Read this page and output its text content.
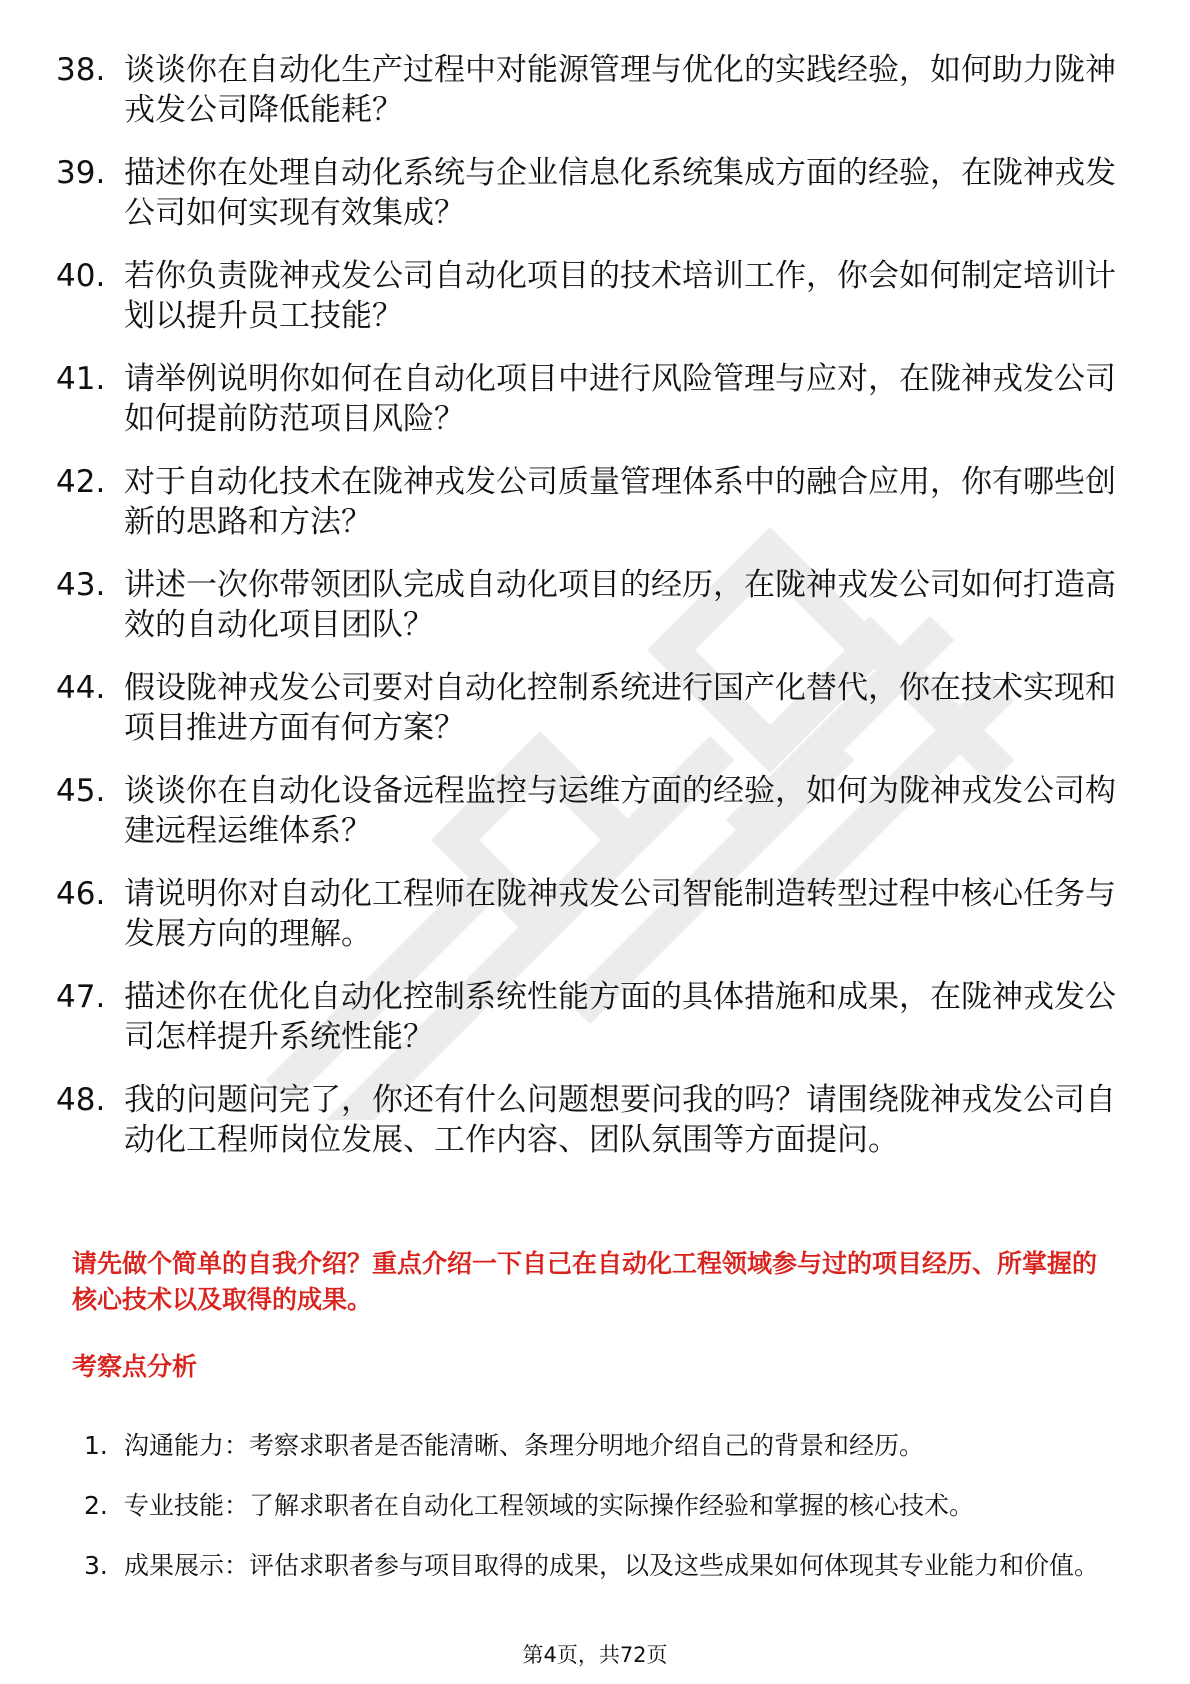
38. 谈谈你在自动化生产过程中对能源管理与优化的实践经验，如何助力陇神戎发公司降低能耗？
39. 描述你在处理自动化系统与企业信息化系统集成方面的经验，在陇神戎发公司如何实现有效集成？
40. 若你负责陇神戎发公司自动化项目的技术培训工作，你会如何制定培训计划以提升员工技能？
41. 请举例说明你如何在自动化项目中进行风险管理与应对，在陇神戎发公司如何提前防范项目风险？
42. 对于自动化技术在陇神戎发公司质量管理体系中的融合应用，你有哪些创新的思路和方法？
43. 讲述一次你带领团队完成自动化项目的经历，在陇神戎发公司如何打造高效的自动化项目团队？
44. 假设陇神戎发公司要对自动化控制系统进行国产化替代，你在技术实现和项目推进方面有何方案？
45. 谈谈你在自动化设备远程监控与运维方面的经验，如何为陇神戎发公司构建远程运维体系？
46. 请说明你对自动化工程师在陇神戎发公司智能制造转型过程中核心任务与发展方向的理解。
47. 描述你在优化自动化控制系统性能方面的具体措施和成果，在陇神戎发公司怎样提升系统性能？
48. 我的问题问完了，你还有什么问题想要问我的吗？请围绕陇神戎发公司自动化工程师岗位发展、工作内容、团队氛围等方面提问。

请先做个简单的自我介绍？重点介绍一下自己在自动化工程领域参与过的项目经历、所掌握的核心技术以及取得的成果。

考察点分析
1. 沟通能力：考察求职者是否能清晰、条理分明地介绍自己的背景和经历。
2. 专业技能：了解求职者在自动化工程领域的实际操作经验和掌握的核心技术。
3. 成果展示：评估求职者参与项目取得的成果，以及这些成果如何体现其专业能力和价值。
第4页，共72页
